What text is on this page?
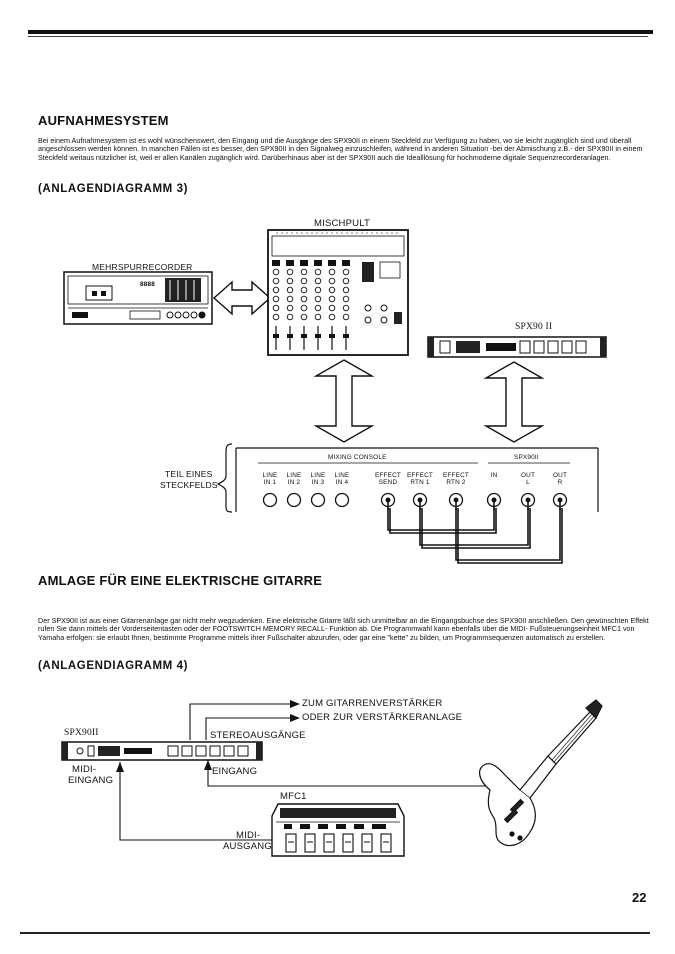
AUFNAHMESYSTEM

Bei einem Aufnahmesystem ist es wohl wünschenswert, den Eingang und die Ausgänge des SPX90II in einem Steckfeld zur Verfügung zu haben, wo sie leicht zugänglich sind und überall angeschlossen werden können. In manchen Fällen ist es besser, den SPX90II in den Signalweg einzuschleifen, während in anderen Situation -bei der Abmischung z.B.- der SPX90II in einem Steckfeld weitaus nützlicher ist, weil er allen Kanälen zugänglich wird. Darüberhinaus aber ist der SPX90II auch die Idealllösung für hochmoderne digitale Sequenzrecorderanlagen.

(ANLAGENDIAGRAMM 3)
MISCHPULT
MEHRSPURRECORDER
8888
SPX90 II
TEIL EINES
STECKFELDS
MIXING CONSOLE	SPX90II
LINE
IN 1
LINE
IN 2
LINE
IN 3
LINE
IN 4
EFFECT
SEND
EFFECT
RTN 1
EFFECT
RTN 2
IN	OUT
L
OUT
R
AMLAGE FÜR EINE ELEKTRISCHE GITARRE

Der SPX90II ist aus einer Gitarrenanlage gar nicht mehr wegzudenken. Eine elektrische Gitarre läßt sich unmittelbar an die Eingangsbuchse des SPX90II anschließen. Den gewünschten Effekt rufen Sie dann mittels der Vorderseitentasten oder der FOOTSWITCH MEMORY RECALL- Funktion ab. Die Programmwahl kann ebenfalls über die MIDI- Fußsteuerungseinheit MFC1 von Yamaha erfolgen: sie erlaubt Ihnen, bestimmte Programme mittels ihrer Fußschalter abzurufen, oder gar eine "kette" zu bilden, um Programmsequenzen automatisch zu erstellen.

(ANLAGENDIAGRAMM 4)
ZUM GITARRENVERSTÄRKER
ODER ZUR VERSTÄRKERANLAGE
SPX90II	STEREOAUSGÄNGE
MIDI-
EINGANG
EINGANG
MFC1
MIDI-
AUSGANG
22
